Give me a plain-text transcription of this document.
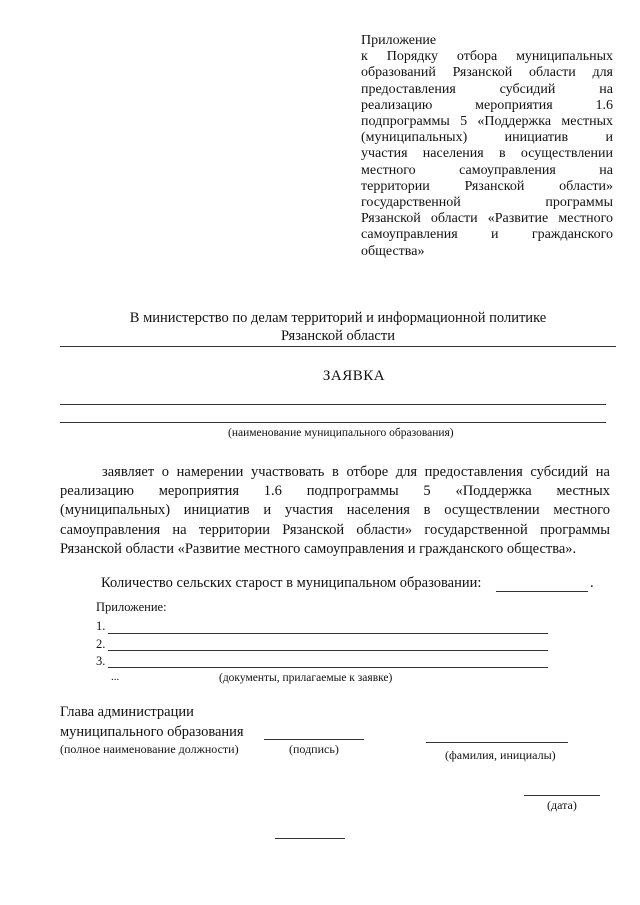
Приложение
к Порядку отбора муниципальных
образований Рязанской области для
предоставления субсидий на
реализацию мероприятия 1.6
подпрограммы 5 «Поддержка местных
(муниципальных) инициатив и
участия населения в осуществлении
местного самоуправления на
территории Рязанской области»
государственной программы
Рязанской области «Развитие местного
самоуправления и гражданского
общества»
В министерство по делам территорий и информационной политике
Рязанской области
ЗАЯВКА
(наименование муниципального образования)
заявляет о намерении участвовать в отборе для предоставления субсидий на
реализацию мероприятия 1.6 подпрограммы 5 «Поддержка местных
(муниципальных) инициатив и участия населения в осуществлении местного
самоуправления на территории Рязанской области» государственной программы
Рязанской области «Развитие местного самоуправления и гражданского общества».
Количество сельских старост в муниципальном образовании:	.
Приложение:
1.
2.
3.
...	(документы, прилагаемые к заявке)
Глава администрации
муниципального образования
(полное наименование должности)	(подпись)	(фамилия, инициалы)
(дата)
